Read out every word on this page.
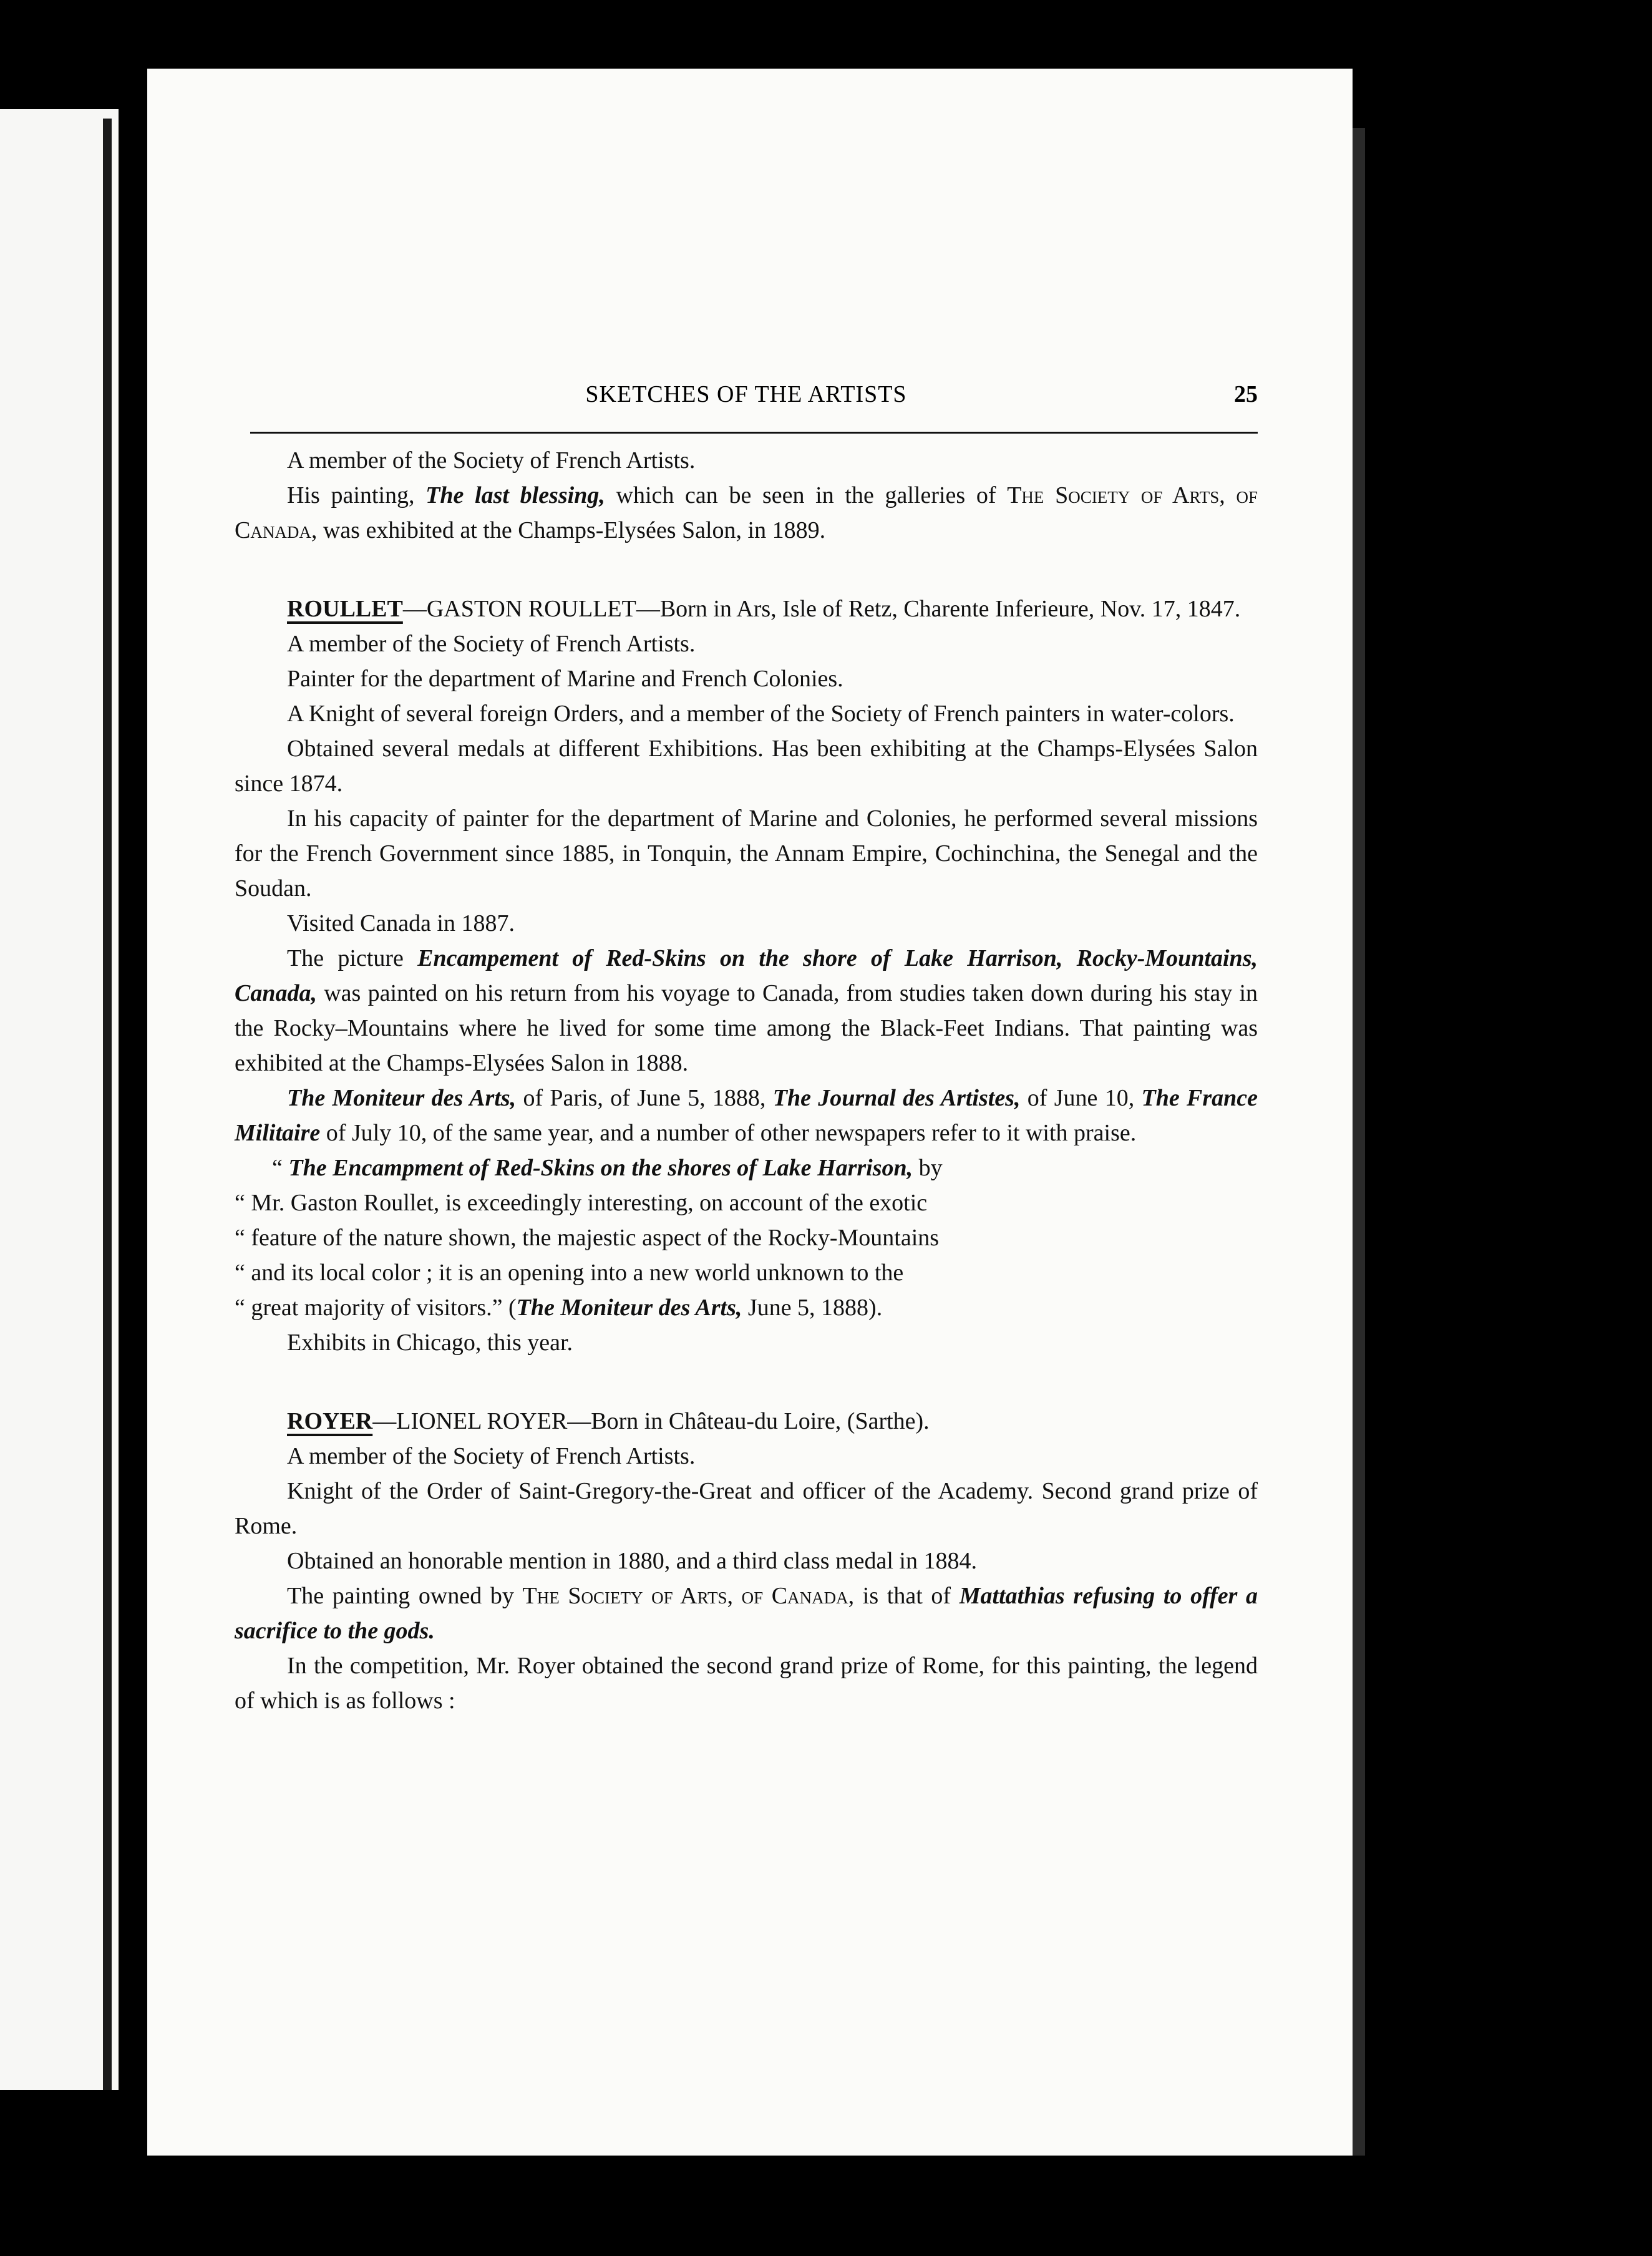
SKETCHES OF THE ARTISTS	25

A member of the Society of French Artists.

His painting, The last blessing, which can be seen in the galleries of The Society of Arts, of Canada, was exhibited at the Champs-Elysées Salon, in 1889.

ROULLET—GASTON ROULLET—Born in Ars, Isle of Retz, Charente Inferieure, Nov. 17, 1847.

A member of the Society of French Artists.

Painter for the department of Marine and French Colonies.

A Knight of several foreign Orders, and a member of the Society of French painters in water-colors.

Obtained several medals at different Exhibitions. Has been exhibiting at the Champs-Elysées Salon since 1874.

In his capacity of painter for the department of Marine and Colonies, he performed several missions for the French Government since 1885, in Tonquin, the Annam Empire, Cochinchina, the Senegal and the Soudan.

Visited Canada in 1887.

The picture Encampement of Red-Skins on the shore of Lake Harrison, Rocky-Mountains, Canada, was painted on his return from his voyage to Canada, from studies taken down during his stay in the Rocky–Mountains where he lived for some time among the Black-Feet Indians. That painting was exhibited at the Champs-Elysées Salon in 1888.

The Moniteur des Arts, of Paris, of June 5, 1888, The Journal des Artistes, of June 10, The France Militaire of July 10, of the same year, and a number of other newspapers refer to it with praise.

“ The Encampment of Red-Skins on the shores of Lake Harrison, by

“ Mr. Gaston Roullet, is exceedingly interesting, on account of the exotic

“ feature of the nature shown, the majestic aspect of the Rocky-Mountains

“ and its local color ; it is an opening into a new world unknown to the

“ great majority of visitors.” (The Moniteur des Arts, June 5, 1888).

Exhibits in Chicago, this year.

ROYER—LIONEL ROYER—Born in Château-du Loire, (Sarthe).

A member of the Society of French Artists.

Knight of the Order of Saint-Gregory-the-Great and officer of the Academy. Second grand prize of Rome.

Obtained an honorable mention in 1880, and a third class medal in 1884.

The painting owned by The Society of Arts, of Canada, is that of Mattathias refusing to offer a sacrifice to the gods.

In the competition, Mr. Royer obtained the second grand prize of Rome, for this painting, the legend of which is as follows :
